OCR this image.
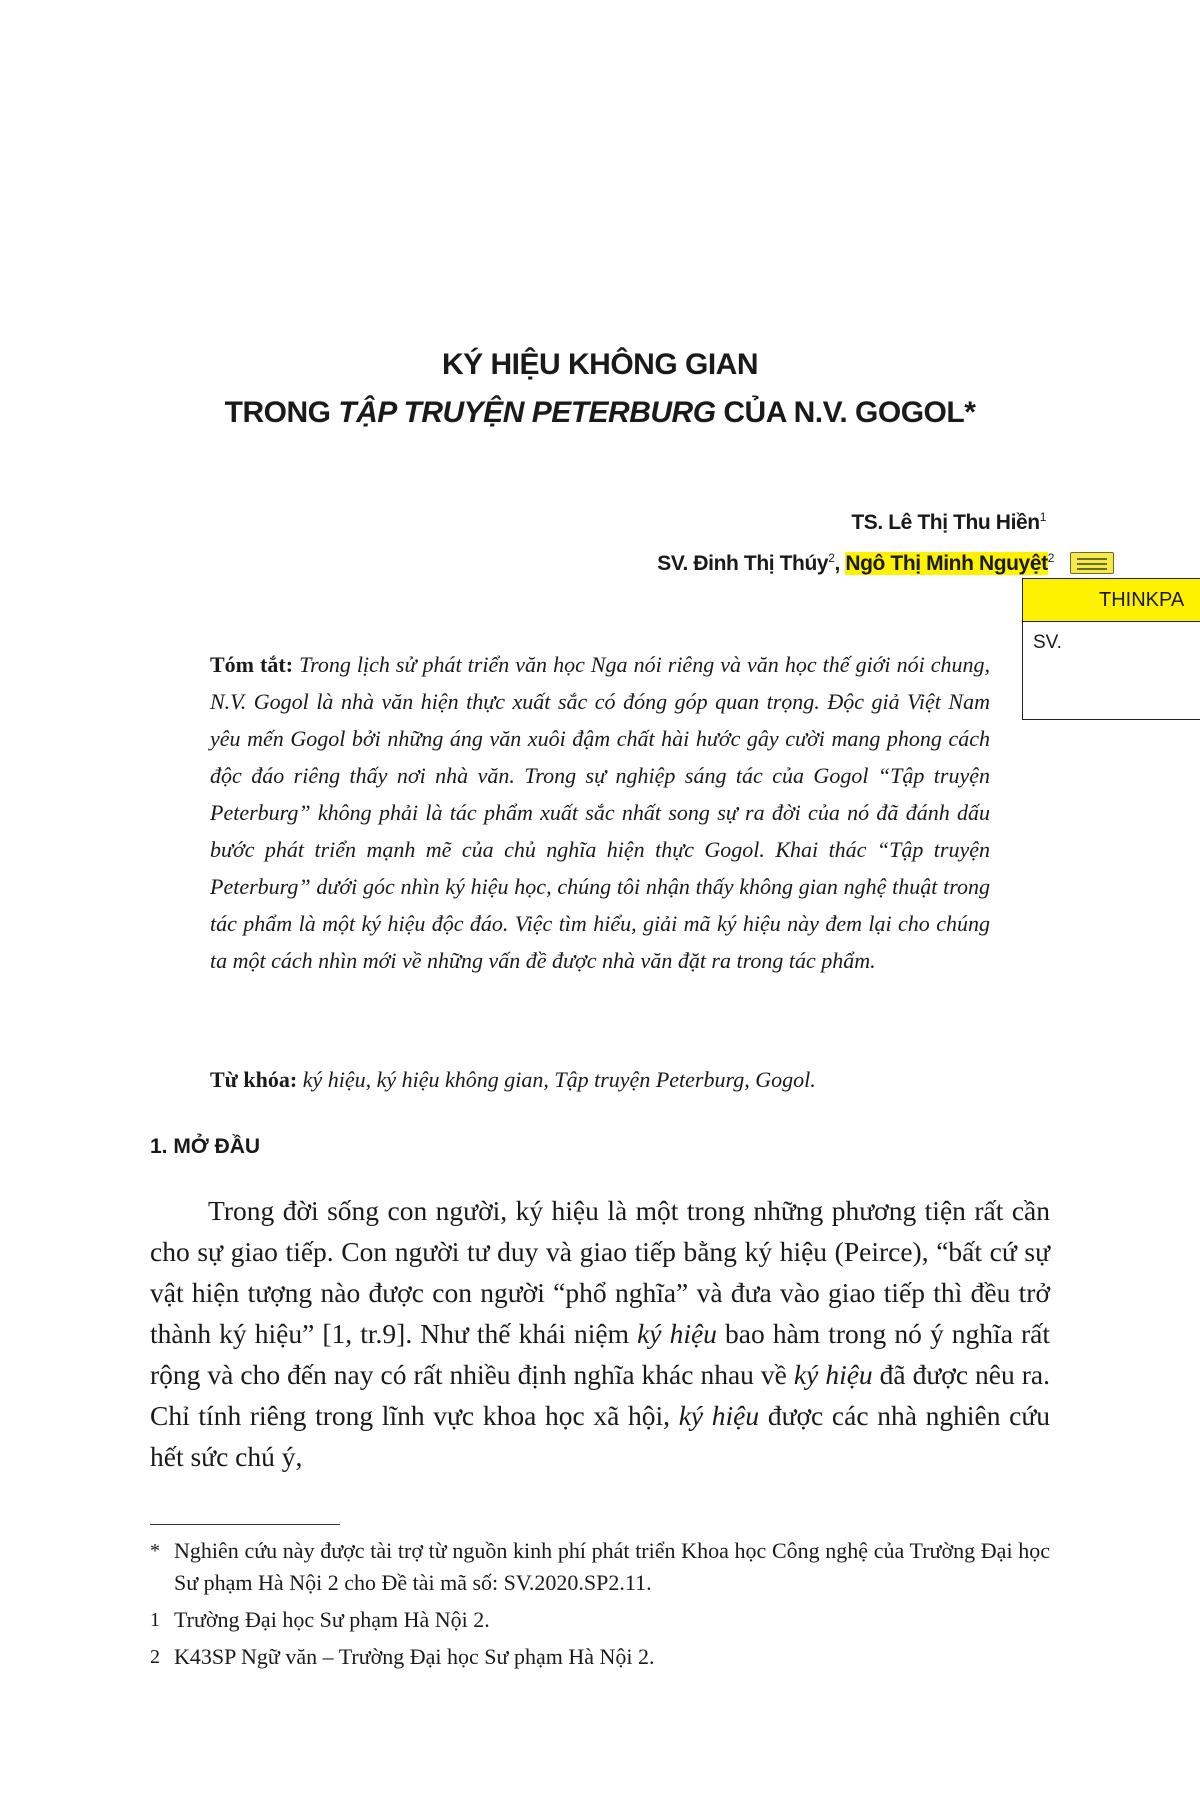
KÝ HIỆU KHÔNG GIAN
TRONG TẬP TRUYỆN PETERBURG CỦA N.V. GOGOL*
TS. Lê Thị Thu Hiền$^1$
SV. Đinh Thị Thúy$^2$, Ngô Thị Minh Nguyệt$^2$
THINKPA
SV.
Tóm tắt: Trong lịch sử phát triển văn học Nga nói riêng và văn học thế giới nói chung, N.V. Gogol là nhà văn hiện thực xuất sắc có đóng góp quan trọng. Độc giả Việt Nam yêu mến Gogol bởi những áng văn xuôi đậm chất hài hước gây cười mang phong cách độc đáo riêng thấy nơi nhà văn. Trong sự nghiệp sáng tác của Gogol “Tập truyện Peterburg” không phải là tác phẩm xuất sắc nhất song sự ra đời của nó đã đánh dấu bước phát triển mạnh mẽ của chủ nghĩa hiện thực Gogol. Khai thác “Tập truyện Peterburg” dưới góc nhìn ký hiệu học, chúng tôi nhận thấy không gian nghệ thuật trong tác phẩm là một ký hiệu độc đáo. Việc tìm hiểu, giải mã ký hiệu này đem lại cho chúng ta một cách nhìn mới về những vấn đề được nhà văn đặt ra trong tác phẩm.
Từ khóa: ký hiệu, ký hiệu không gian, Tập truyện Peterburg, Gogol.
1. MỞ ĐẦU
Trong đời sống con người, ký hiệu là một trong những phương tiện rất cần cho sự giao tiếp. Con người tư duy và giao tiếp bằng ký hiệu (Peirce), “bất cứ sự vật hiện tượng nào được con người “phổ nghĩa” và đưa vào giao tiếp thì đều trở thành ký hiệu” [1, tr.9]. Như thế khái niệm ký hiệu bao hàm trong nó ý nghĩa rất rộng và cho đến nay có rất nhiều định nghĩa khác nhau về ký hiệu đã được nêu ra. Chỉ tính riêng trong lĩnh vực khoa học xã hội, ký hiệu được các nhà nghiên cứu hết sức chú ý,
* Nghiên cứu này được tài trợ từ nguồn kinh phí phát triển Khoa học Công nghệ của Trường Đại học Sư phạm Hà Nội 2 cho Đề tài mã số: SV.2020.SP2.11.
1 Trường Đại học Sư phạm Hà Nội 2.
2 K43SP Ngữ văn – Trường Đại học Sư phạm Hà Nội 2.
